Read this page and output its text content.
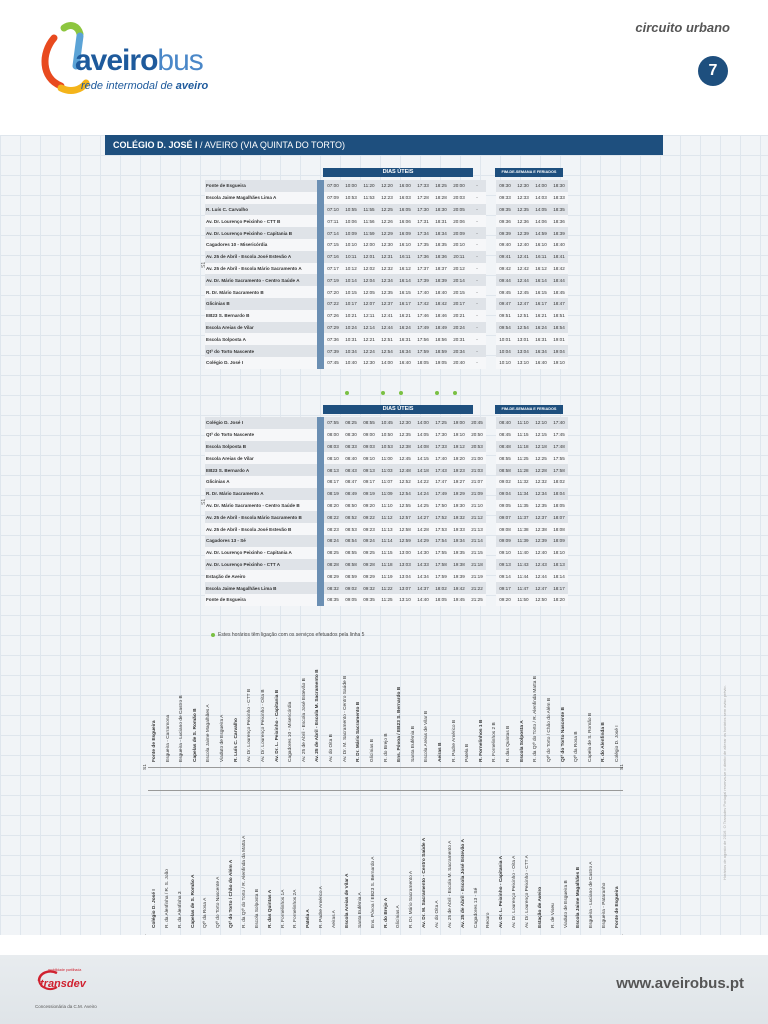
aveirobus
rede intermodal de aveiro
circuito urbano
7
COLÉGIO D. JOSÉ I / AVEIRO (VIA QUINTA DO TORTO)
DIAS ÚTEIS	FIM-DE-SEMANA E FERIADOS
Fonte de Esgueira		07:00	10:00	11:20	12:20	16:00	17:33	18:25	20:00	-		09:30	12:30	14:00	18:30
Escola Jaime Magalhães Lima A		07:09	10:53	11:53	12:23	16:03	17:28	18:28	20:03	-		09:33	12:33	14:03	18:33
R. Luís C. Carvalho		07:10	10:55	11:55	12:25	16:05	17:30	18:30	20:05	-		09:35	12:35	14:05	18:35
Av. Dr. Lourenço Peixinho - CTT B		07:11	10:06	11:56	12:26	16:06	17:31	18:31	20:06	-		09:36	12:36	14:06	18:36
Av. Dr. Lourenço Peixinho - Capitania B		07:14	10:09	11:59	12:29	16:09	17:34	18:34	20:09	-		09:39	12:39	14:59	18:39
Cagadores 10 - Misericórdia		07:15	10:10	12:00	12:30	16:10	17:35	18:35	20:10	-		09:40	12:40	16:10	18:40
Av. 25 de Abril - Escola José Estevão A		07:16	10:11	12:01	12:31	16:11	17:36	18:36	20:11	-		09:41	12:41	16:11	18:41
Av. 25 de Abril - Escola Mário Sacramento A		07:17	10:12	12:02	12:32	16:12	17:37	18:37	20:12	-		09:42	12:42	16:12	18:42
Av. Dr. Mário Sacramento - Centro Saúde A		07:19	10:14	12:04	12:34	16:14	17:39	18:39	20:14	-		09:44	12:44	16:14	18:44
R. Dr. Mário Sacramento B		07:20	10:15	12:05	12:35	16:15	17:40	18:40	20:15	-		09:45	12:45	16:15	18:45
Glicínias B		07:22	10:17	12:07	12:37	16:17	17:42	18:42	20:17	-		09:47	12:47	16:17	18:47
EB23 S. Bernardo B		07:26	10:21	12:11	12:41	16:21	17:46	18:46	20:21	-		09:51	12:51	16:21	18:51
Escola Areias de Vilar		07:29	10:24	12:14	12:44	16:24	17:49	18:49	20:24	-		09:54	12:54	16:24	18:54
Escola Solposta A		07:36	10:31	12:21	12:51	16:31	17:56	18:56	20:31	-		10:01	13:01	16:31	19:01
Qtª do Torto Nascente		07:39	10:34	12:24	12:54	16:34	17:59	18:59	20:34	-		10:04	13:04	16:34	19:04
Colégio D. José I		07:45	10:40	12:30	14:00	16:40	18:05	19:05	20:40	-		10:10	13:10	16:40	19:10
S1
DIAS ÚTEIS	FIM-DE-SEMANA E FERIADOS
Colégio D. José I		07:55	08:25	08:55	10:45	12:30	14:00	17:25	19:00	20:45		08:40	11:10	12:10	17:40
Qtª do Torto Nascente		08:00	08:30	09:00	10:50	12:35	14:05	17:30	19:10	20:50		08:45	11:15	12:15	17:45
Escola Solposta B		08:03	08:33	09:03	10:53	12:38	14:08	17:33	19:12	20:53		08:48	11:18	12:18	17:48
Escola Areias de Vilar		08:10	08:40	09:10	11:00	12:45	14:15	17:40	19:20	21:00		08:55	11:25	12:25	17:55
EB23 S. Bernardo A		08:13	08:43	09:13	11:03	12:48	14:18	17:43	19:23	21:03		08:58	11:28	12:28	17:58
Glicínias A		08:17	08:47	09:17	11:07	12:52	14:22	17:47	19:27	21:07		09:02	11:32	12:32	18:02
R. Dr. Mário Sacramento A		08:19	08:49	09:19	11:09	12:54	14:24	17:49	19:29	21:09		09:04	11:34	12:34	18:04
Av. Dr. Mário Sacramento - Centro Saúde B		08:20	08:50	09:20	11:10	12:55	14:25	17:50	19:30	21:10		09:05	11:35	12:35	18:05
Av. 25 de Abril - Escola Mário Sacramento B		08:22	08:52	09:22	11:12	12:57	14:27	17:52	19:32	21:12		09:07	11:37	12:37	18:07
Av. 25 de Abril - Escola José Estevão B		08:23	08:53	09:23	11:13	12:58	14:28	17:53	19:33	21:13		09:08	11:38	12:38	18:08
Cagadores 13 - Sé		08:24	08:54	09:24	11:14	12:59	14:29	17:54	19:34	21:14		09:09	11:39	12:39	18:09
Av. Dr. Lourenço Peixinho - Capitania A		08:25	08:55	09:25	11:15	13:00	14:30	17:55	19:35	21:15		09:10	11:40	12:40	18:10
Av. Dr. Lourenço Peixinho - CTT A		08:28	08:58	09:28	11:18	13:03	14:33	17:58	19:38	21:18		09:13	11:43	12:43	18:13
Estação de Aveiro		08:29	08:59	09:29	11:19	13:04	14:34	17:59	19:39	21:19		09:14	11:44	12:44	18:14
Escola Jaime Magalhães Lima B		08:32	09:02	09:32	11:22	13:07	14:37	18:02	19:42	21:22		09:17	11:47	12:47	18:17
Fonte de Esgueira		08:35	09:05	09:35	11:25	13:10	14:40	18:05	19:45	21:25		09:20	11:50	12:50	18:20
S1
Estes horários têm ligação com os serviços efetuados pela linha 5
Fonte de Esgueira Esgueira - Carramona Esgueira - Luciano de Castro B Capelas de S. Romão B Escola Jaime Magalhães A Viaduto de Esgueira A R. Luís C. Carvalho Av. Dr. Lourenço Peixinho - CTT B Av. Dr. Lourenço Peixinho - Oita B Av. Dr. L. Peixinho - Capitania B Cagadores 10 - Misericórdia Av. 25 de Abril - Escola José Estevão B Av. 25 de Abril - Escola M. Sacramento B Av. do Oita B Av. Dr. M. Sacramento - Centro Saúde B R. Dr. Mário Sacramento B Glicínias B R. do Brejo B Ens. Póvoa / EB23 S. Bernardo B Santa Eufémia B Escola Areias de Vilar B Aeiras B R. Padre Américo B Patela B R. Fornelinhos 1 B R. Fornelinhos 2 B R. das Quintas B Escola Solposta A R. da Qtª do Torto / R. Alenfinda Matta B Qtª do Torto / Chão do Além B Qtª do Torto Nascente B Qtª da Rosa B Capela de S. Romão B R. do Alenfinda B Colégio D. José I
Colégio D. José I R. da Alenfinha / R. S. João R. da Alenfinha 3 Capelas de S. Romão A Qtª da Rosa A Qtª do Torto Nascente A Qtª do Torto / Chão do Além A R. da Qtª do Torto / R. Alenfinda da Matta A Escola Solposta B R. das Quintas A R. Fornelinhos 1A R. Fornelinhos 2A Patela A R. Padre Américo A Aeiras A Escola Areias de Vilar A Santa Eufémia A Ens. Póvoa / EB23 S. Bernardo A R. do Brejo A Glicínias A R. Dr. Mário Sacramento A Av. Dr. M. Sacramento - Centro Saúde A Av. do Oita A Av. 25 de Abril - Escola M. Sacramento A Av. 25 de Abril - Escola José Estevão A Cagadores 13 - Sé Recuro Av. Dr. L. Peixinho - Capitania A Av. Dr. Lourenço Peixinho - Oita A Av. Dr. Lourenço Peixinho - CTT A Estação de Aveiro R. de Viseu Viaduto de Esgueira B Escola Jaime Magalhães B Esgueira - Luciano de Castro A Esgueira - Pataranho Fonte de Esgueira
S1	S1	Horários de agosto de 2016. O Transdev Portugal reserva-se o direito de alterar os horários sem aviso prévio.
mobilidade partilhada
transdev
Concessionária da C.M. Aveiro
www.aveirobus.pt
